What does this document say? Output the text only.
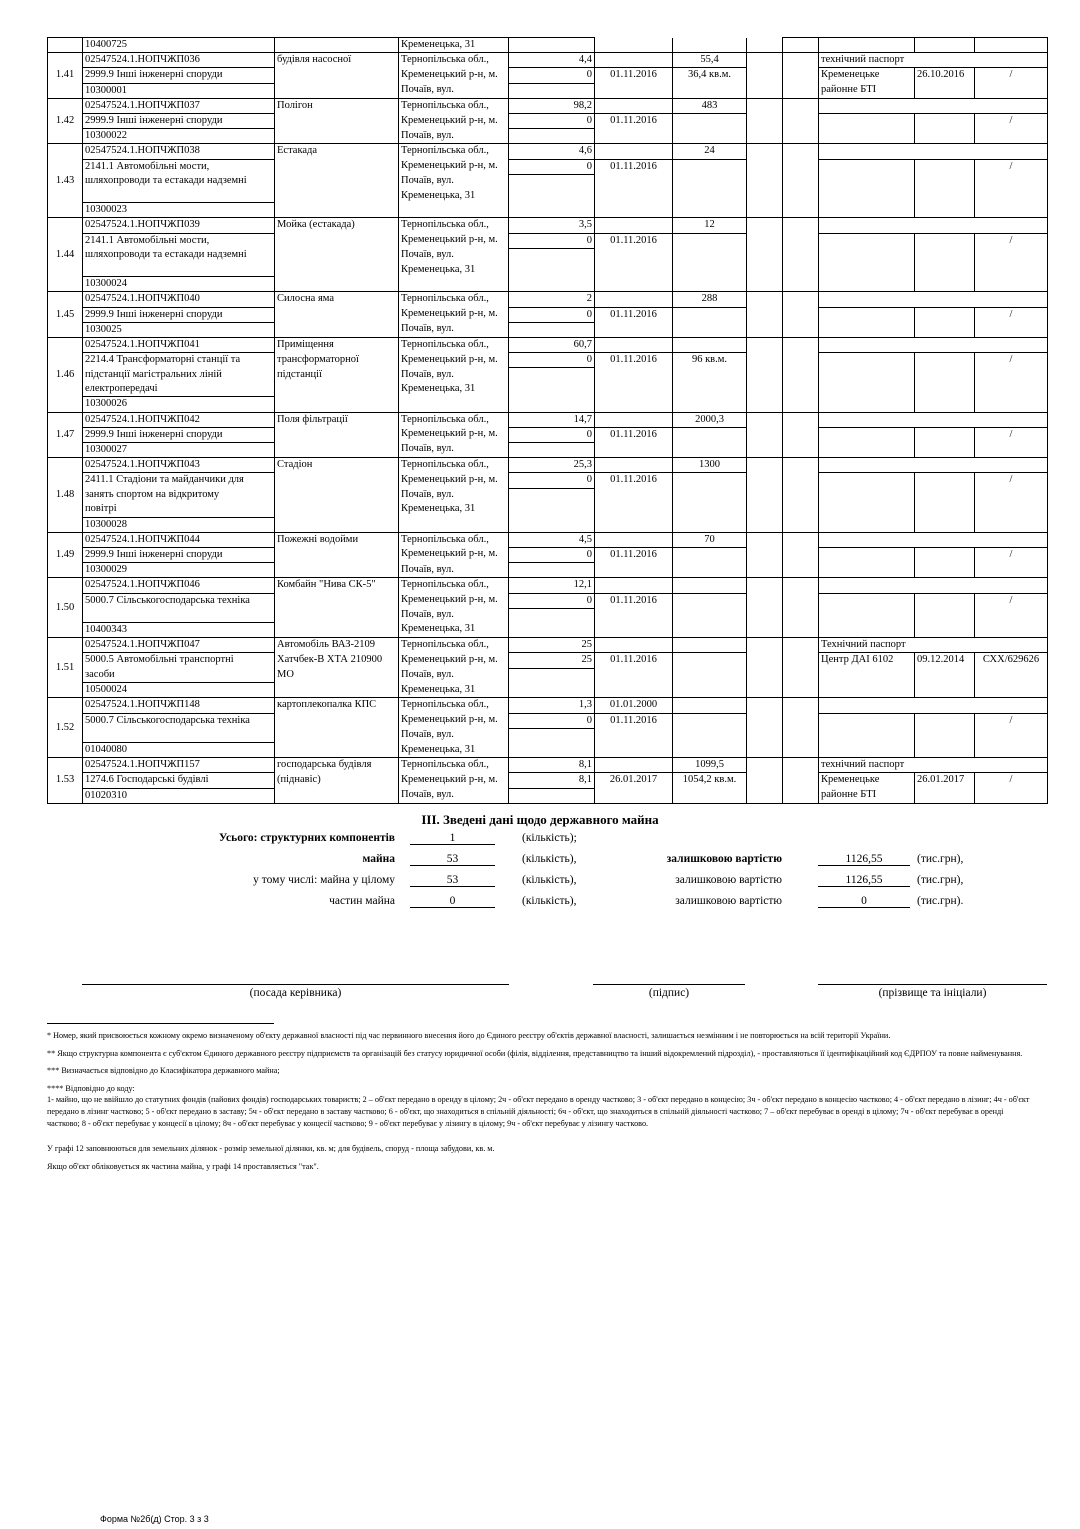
	10400725		Кременецька, 31								
1.41	02547524.1.НОПЧЖП036	будівля насосної	Тернопільська обл.,	4,4		55,4			технічний паспорт		
	2999.9 Інші інженерні споруди		Кременецький р-н, м.	0	01.11.2016	36,4 кв.м.			Кременецьке	26.10.2016	/
	10300001		Почаїв, вул.						районне БТІ		
1.42	02547524.1.НОПЧЖП037	Полігон	Тернопільська обл.,	98,2		483					
	2999.9 Інші інженерні споруди		Кременецький р-н, м.	0	01.11.2016						/
	10300022		Почаїв, вул.								
1.43	02547524.1.НОПЧЖП038	Естакада	Тернопільська обл.,	4,6		24					
	2141.1 Автомобільні мости,		Кременецький р-н, м.	0	01.11.2016						/
	шляхопроводи та естакади надземні		Почаїв, вул.								
			Кременецька, 31								
	10300023										
1.44	02547524.1.НОПЧЖП039	Мойка (естакада)	Тернопільська обл.,	3,5		12					
	2141.1 Автомобільні мости,		Кременецький р-н, м.	0	01.11.2016						/
	шляхопроводи та естакади надземні		Почаїв, вул.								
			Кременецька, 31								
	10300024										
1.45	02547524.1.НОПЧЖП040	Силосна яма	Тернопільська обл.,	2		288					
	2999.9 Інші інженерні споруди		Кременецький р-н, м.	0	01.11.2016						/
	1030025		Почаїв, вул.								
1.46	02547524.1.НОПЧЖП041	Приміщення	Тернопільська обл.,	60,7							
	2214.4 Трансформаторні станції та	трансформаторної	Кременецький р-н, м.	0	01.11.2016	96 кв.м.					/
	підстанції магістральних ліній	підстанції	Почаїв, вул.								
	електропередачі		Кременецька, 31								
	10300026										
1.47	02547524.1.НОПЧЖП042	Поля фільтрації	Тернопільська обл.,	14,7		2000,3					
	2999.9 Інші інженерні споруди		Кременецький р-н, м.	0	01.11.2016						/
	10300027		Почаїв, вул.								
1.48	02547524.1.НОПЧЖП043	Стадіон	Тернопільська обл.,	25,3		1300					
	2411.1 Стадіони та майданчики для		Кременецький р-н, м.	0	01.11.2016						/
	занять спортом на відкритому		Почаїв, вул.								
	повітрі		Кременецька, 31								
	10300028										
1.49	02547524.1.НОПЧЖП044	Пожежні водойми	Тернопільська обл.,	4,5		70					
	2999.9 Інші інженерні споруди		Кременецький р-н, м.	0	01.11.2016						/
	10300029		Почаїв, вул.								
1.50	02547524.1.НОПЧЖП046	Комбайн "Нива СК-5"	Тернопільська обл.,	12,1							
	5000.7 Сільськогосподарська техніка		Кременецький р-н, м.	0	01.11.2016						/
			Почаїв, вул.								
	10400343		Кременецька, 31								
1.51	02547524.1.НОПЧЖП047	Автомобіль ВАЗ-2109	Тернопільська обл.,	25					Технічний паспорт		
	5000.5 Автомобільні транспортні	Хатчбек-В ХТА 210900	Кременецький р-н, м.	25	01.11.2016				Центр ДАІ 6102	09.12.2014	СХХ/629626
	засоби	МО	Почаїв, вул.								
	10500024		Кременецька, 31								
1.52	02547524.1.НОПЧЖП148	картоплекопалка КПС	Тернопільська обл.,	1,3	01.01.2000						
	5000.7 Сільськогосподарська техніка		Кременецький р-н, м.	0	01.11.2016						/
			Почаїв, вул.								
	01040080		Кременецька, 31								
1.53	02547524.1.НОПЧЖП157	господарська будівля	Тернопільська обл.,	8,1		1099,5			технічний паспорт		
	1274.6 Господарські будівлі	(піднавіс)	Кременецький р-н, м.	8,1	26.01.2017	1054,2 кв.м.			Кременецьке	26.01.2017	/
	01020310		Почаїв, вул.						районне БТІ		
ІІІ. Зведені дані щодо державного майна
Усього: структурних компонентів	1	(кількість);
майна	53	(кількість),	залишковою вартістю	1126,55	(тис.грн),
у тому числі: майна у цілому	53	(кількість),	залишковою вартістю	1126,55	(тис.грн),
частин майна	0	(кількість),	залишковою вартістю	0	(тис.грн).
(посада керівника)	(підпис)	(прізвище та ініціали)

* Номер, який присвоюється кожному окремо визначеному об'єкту державної власності під час первинного внесення його до Єдиного реєстру об'єктів державної власності, залишається незмінним і не повторюється на всій території України.

** Якщо структурна компонента є суб'єктом Єдиного державного реєстру підприємств та організацій без статусу юридичної особи (філія, відділення, представництво та інший відокремлений підрозділ), - проставляються її ідентифікаційний код ЄДРПОУ та повне найменування.

*** Визначається відповідно до Класифікатора державного майна;

**** Відповідно до коду:

1- майно, що не ввійшло до статутних фондів (пайових фондів) господарських товариств; 2 – об'єкт передано в оренду в цілому; 2ч - об'єкт передано в оренду частково; 3 - об'єкт передано в концесію; 3ч - об'єкт передано в концесію частково; 4 - об'єкт передано в лізинг; 4ч - об'єкт передано в лізинг частково; 5 - об'єкт передано в заставу; 5ч - об'єкт передано в заставу частково; 6 - об'єкт, що знаходиться в спільній діяльності; 6ч - об'єкт, що знаходиться в спільній діяльності частково; 7 – об'єкт перебуває в оренді в цілому; 7ч - об'єкт перебуває в оренді частково; 8 - об'єкт перебуває у концесії в цілому; 8ч - об'єкт перебуває у концесії частково; 9 - об'єкт перебуває у лізингу в цілому; 9ч - об'єкт перебуває у лізингу частково.

У графі 12 заповнюються для земельних ділянок - розмір земельної ділянки, кв. м; для будівель, споруд - площа забудови, кв. м.

Якщо об'єкт обліковується як частина майна, у графі 14 проставляється "так".

Форма №2б(д) Стор. 3 з 3
